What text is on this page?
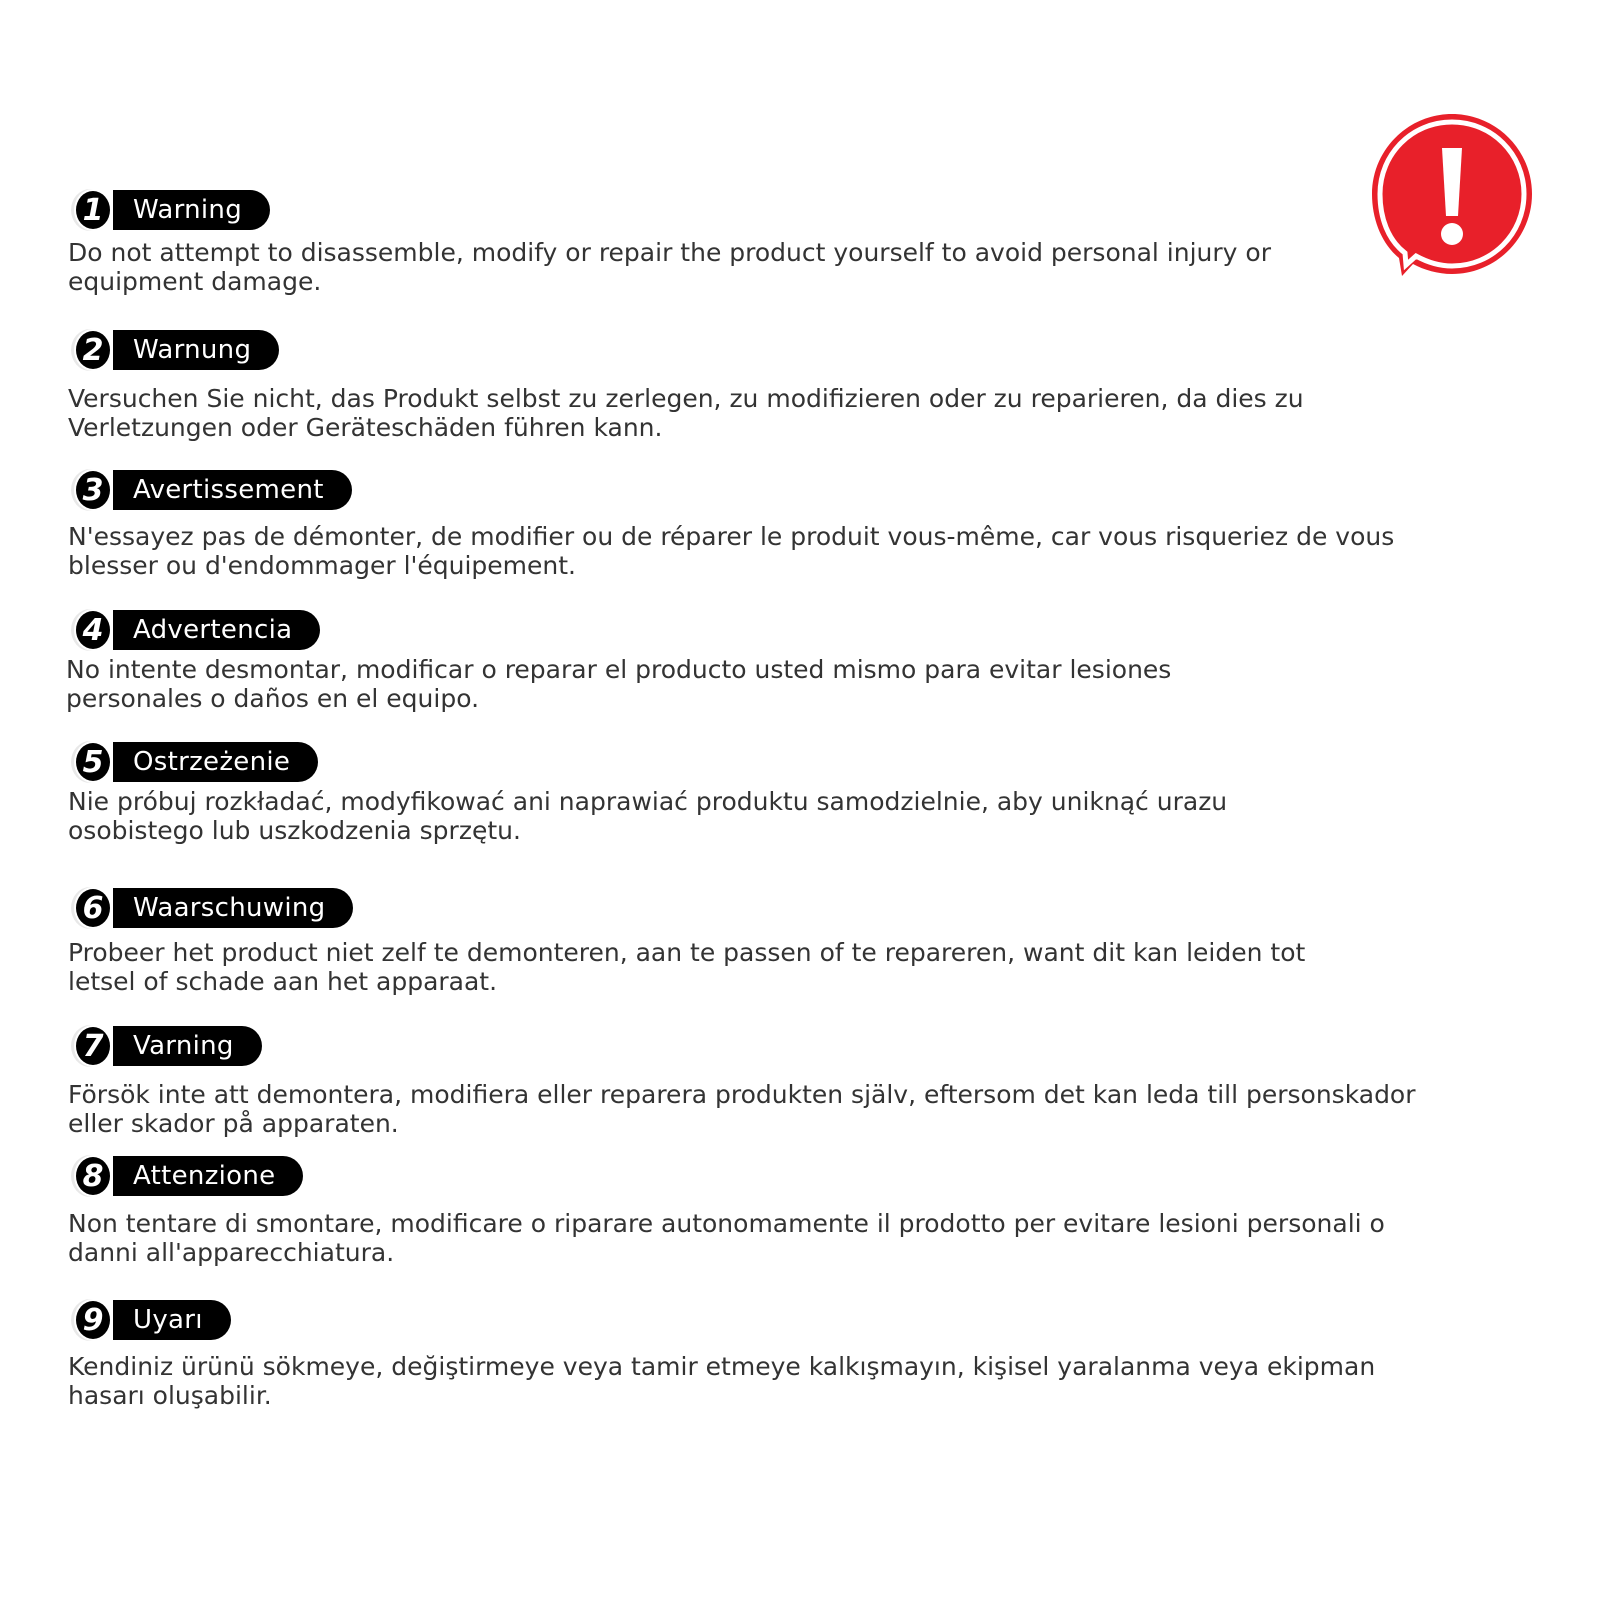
1	Warning
Do not attempt to disassemble, modify or repair the product yourself to avoid personal injury or
equipment damage.
2	Warnung
Versuchen Sie nicht, das Produkt selbst zu zerlegen, zu modifizieren oder zu reparieren, da dies zu
Verletzungen oder Geräteschäden führen kann.
3	Avertissement
N'essayez pas de démonter, de modifier ou de réparer le produit vous-même, car vous risqueriez de vous
blesser ou d'endommager l'équipement.
4	Advertencia
No intente desmontar, modificar o reparar el producto usted mismo para evitar lesiones
personales o daños en el equipo.
5	Ostrzeżenie
Nie próbuj rozkładać, modyfikować ani naprawiać produktu samodzielnie, aby uniknąć urazu
osobistego lub uszkodzenia sprzętu.
6	Waarschuwing
Probeer het product niet zelf te demonteren, aan te passen of te repareren, want dit kan leiden tot
letsel of schade aan het apparaat.
7	Varning
Försök inte att demontera, modifiera eller reparera produkten själv, eftersom det kan leda till personskador
eller skador på apparaten.
8	Attenzione
Non tentare di smontare, modificare o riparare autonomamente il prodotto per evitare lesioni personali o
danni all'apparecchiatura.
9	Uyarı
Kendiniz ürünü sökmeye, değiştirmeye veya tamir etmeye kalkışmayın, kişisel yaralanma veya ekipman
hasarı oluşabilir.
